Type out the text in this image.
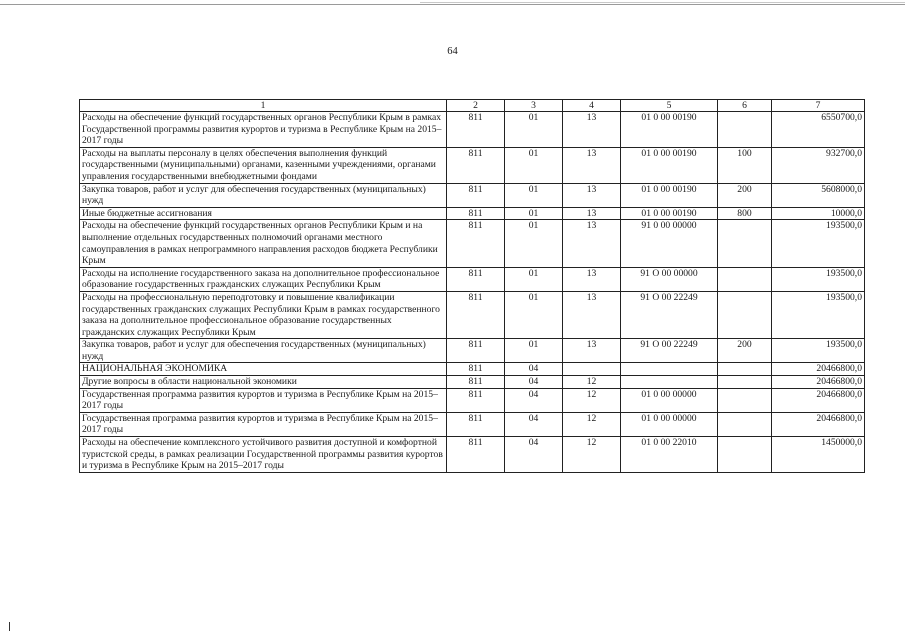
64
1	2	3	4	5	6	7
Расходы на обеспечение функций государственных органов Республики Крым в рамках Государственной программы развития курортов и туризма в Республике Крым на 2015–2017 годы	811	01	13	01 0 00 00190		6550700,0
Расходы на выплаты персоналу в целях обеспечения выполнения функций государственными (муниципальными) органами, казенными учреждениями, органами управления государственными внебюджетными фондами	811	01	13	01 0 00 00190	100	932700,0
Закупка товаров, работ и услуг для обеспечения государственных (муниципальных) нужд	811	01	13	01 0 00 00190	200	5608000,0
Иные бюджетные ассигнования	811	01	13	01 0 00 00190	800	10000,0
Расходы на обеспечение функций государственных органов Республики Крым и на выполнение отдельных государственных полномочий органами местного самоуправления в рамках непрограммного направления расходов бюджета Республики Крым	811	01	13	91 0 00 00000		193500,0
Расходы на исполнение государственного заказа на дополнительное профессиональное образование государственных гражданских служащих Республики Крым	811	01	13	91 О 00 00000		193500,0
Расходы на профессиональную переподготовку и повышение квалификации государственных гражданских служащих Республики Крым в рамках государственного заказа на дополнительное профессиональное образование государственных гражданских служащих Республики Крым	811	01	13	91 О 00 22249		193500,0
Закупка товаров, работ и услуг для обеспечения государственных (муниципальных) нужд	811	01	13	91 О 00 22249	200	193500,0
НАЦИОНАЛЬНАЯ ЭКОНОМИКА	811	04				20466800,0
Другие вопросы в области национальной экономики	811	04	12			20466800,0
Государственная программа развития курортов и туризма в Республике Крым на 2015–2017 годы	811	04	12	01 0 00 00000		20466800,0
Государственная программа развития курортов и туризма в Республике Крым на 2015–2017 годы	811	04	12	01 0 00 00000		20466800,0
Расходы на обеспечение комплексного устойчивого развития доступной и комфортной туристской среды, в рамках реализации Государственной программы развития курортов и туризма в Республике Крым на 2015–2017 годы	811	04	12	01 0 00 22010		1450000,0
